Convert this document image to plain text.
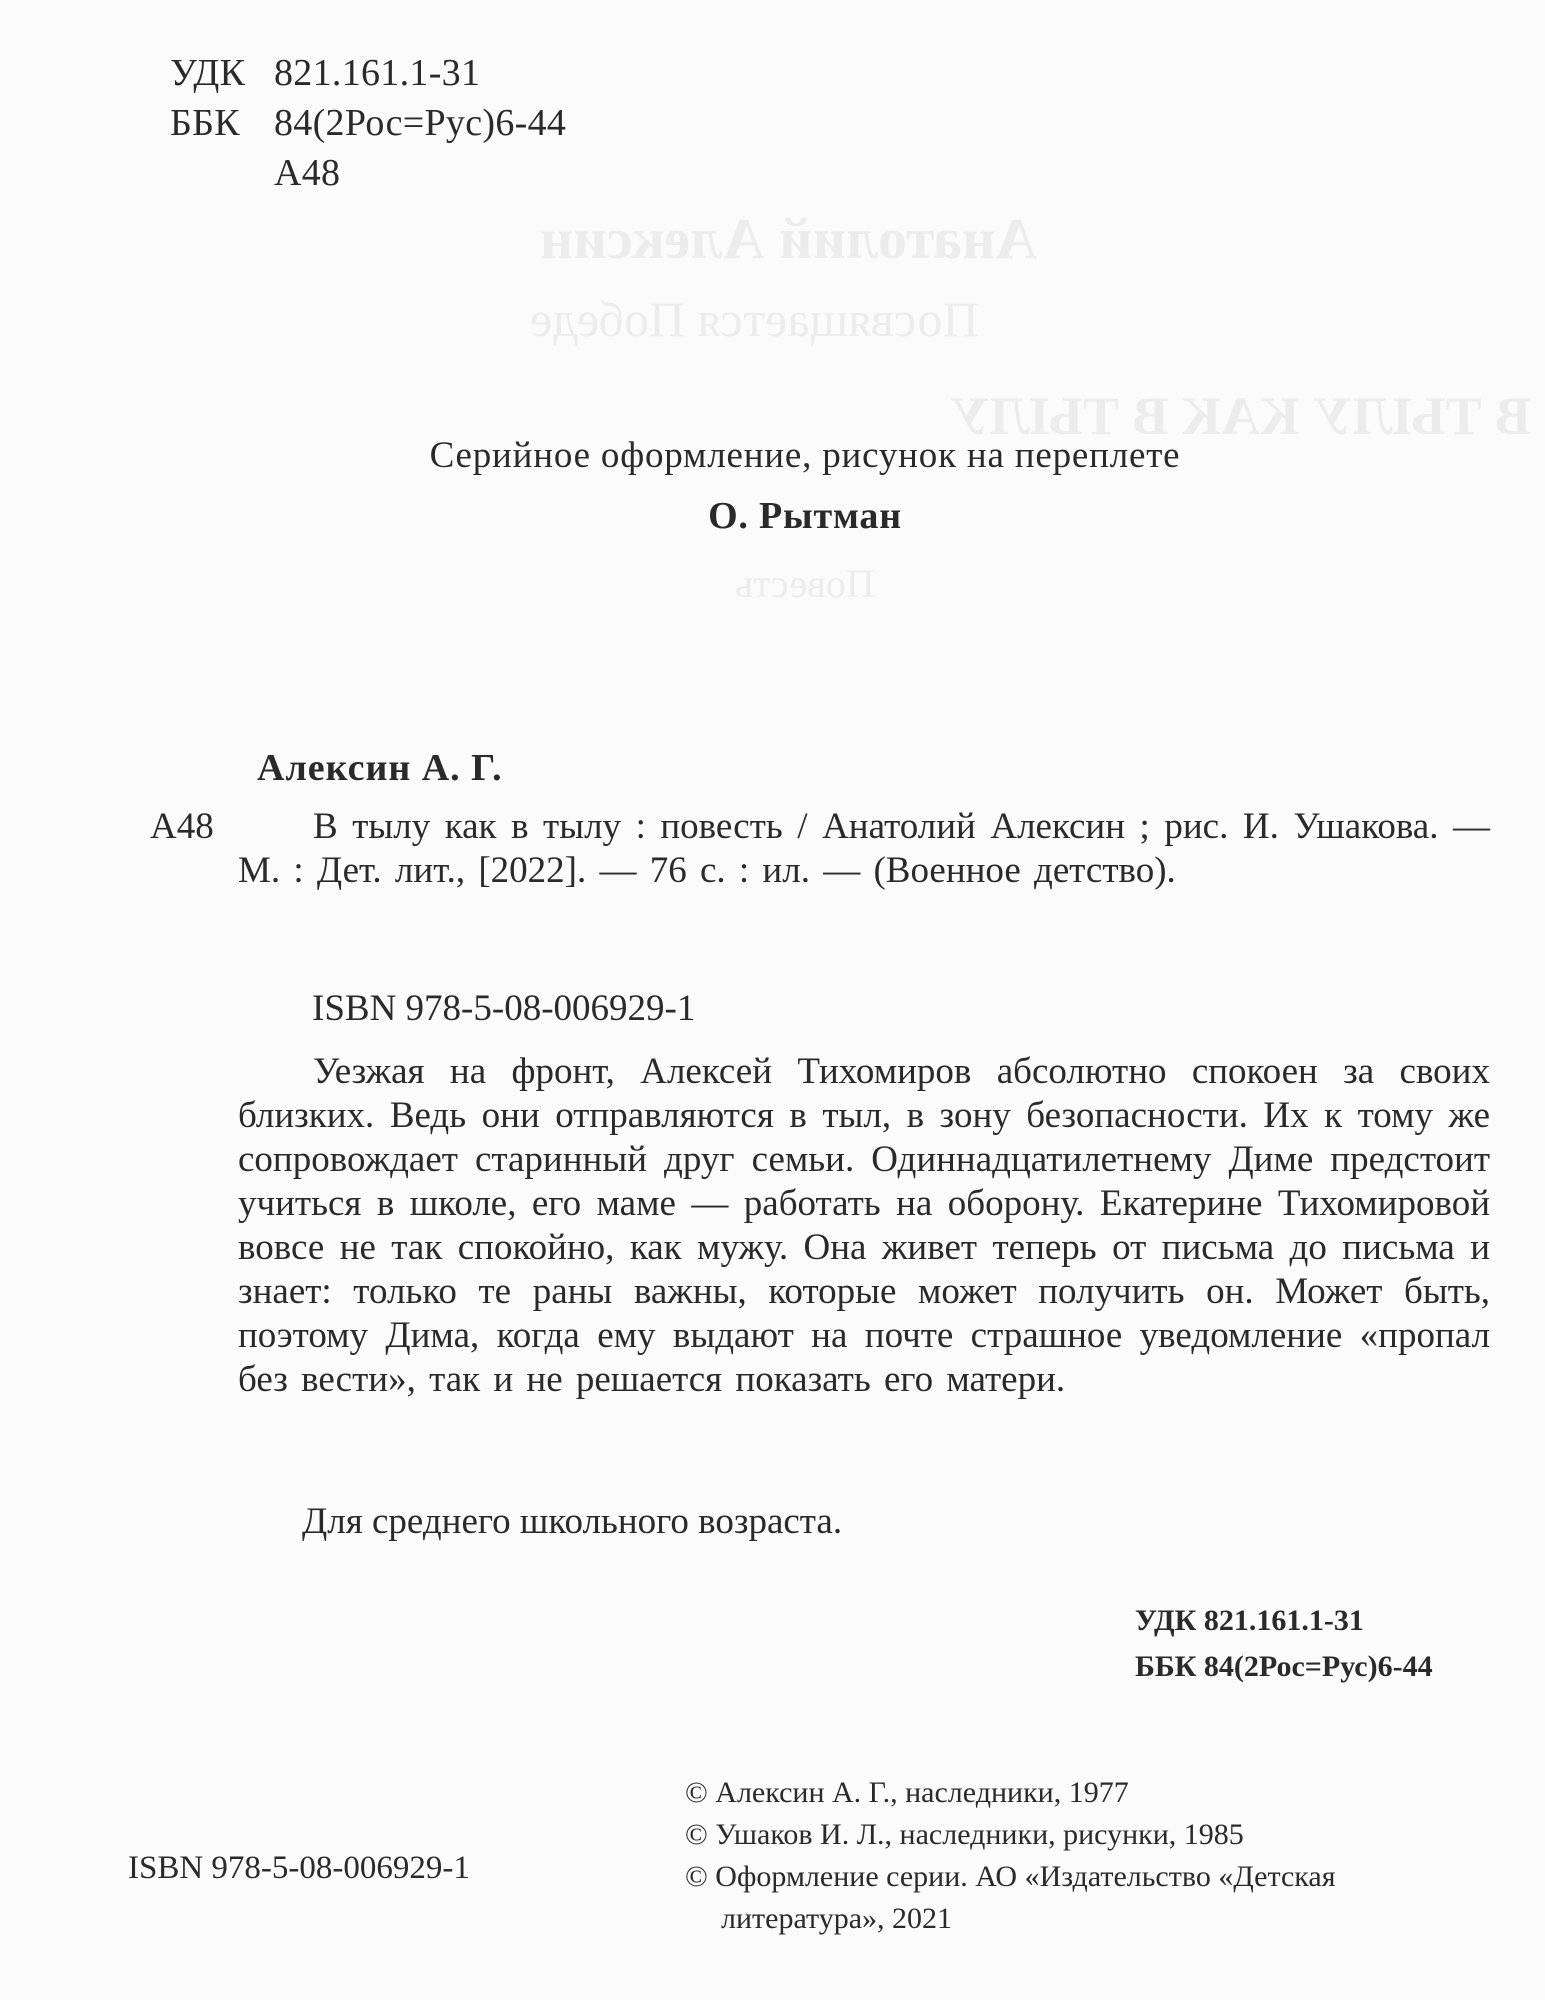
Анатолий Алексин
Посвящается Победе
В ТЫЛУ КАК В ТЫЛУ
Повесть
УДК 821.161.1-31
ББК 84(2Рос=Рус)6-44
А48
Серийное оформление, рисунок на переплете
О. Рытман
Алексин А. Г.
А48	В тылу как в тылу : повесть / Анатолий Алексин ; рис. И. Ушакова. — М. : Дет. лит., [2022]. — 76 с. : ил. — (Военное детство).
ISBN 978-5-08-006929-1
Уезжая на фронт, Алексей Тихомиров абсолютно спокоен за своих близких. Ведь они отправляются в тыл, в зону безопасности. Их к тому же сопровождает старинный друг семьи. Одиннадцатилетнему Диме предстоит учиться в школе, его маме — работать на оборону. Екатерине Тихомировой вовсе не так спокойно, как мужу. Она живет теперь от письма до письма и знает: только те раны важны, которые может получить он. Может быть, поэтому Дима, когда ему выдают на почте страшное уведомление «пропал без вести», так и не решается показать его матери.
Для среднего школьного возраста.
УДК 821.161.1-31
ББК 84(2Рос=Рус)6-44
© Алексин А. Г., наследники, 1977
© Ушаков И. Л., наследники, рисунки, 1985
© Оформление серии. АО «Издательство «Детская
литература», 2021
ISBN 978-5-08-006929-1
